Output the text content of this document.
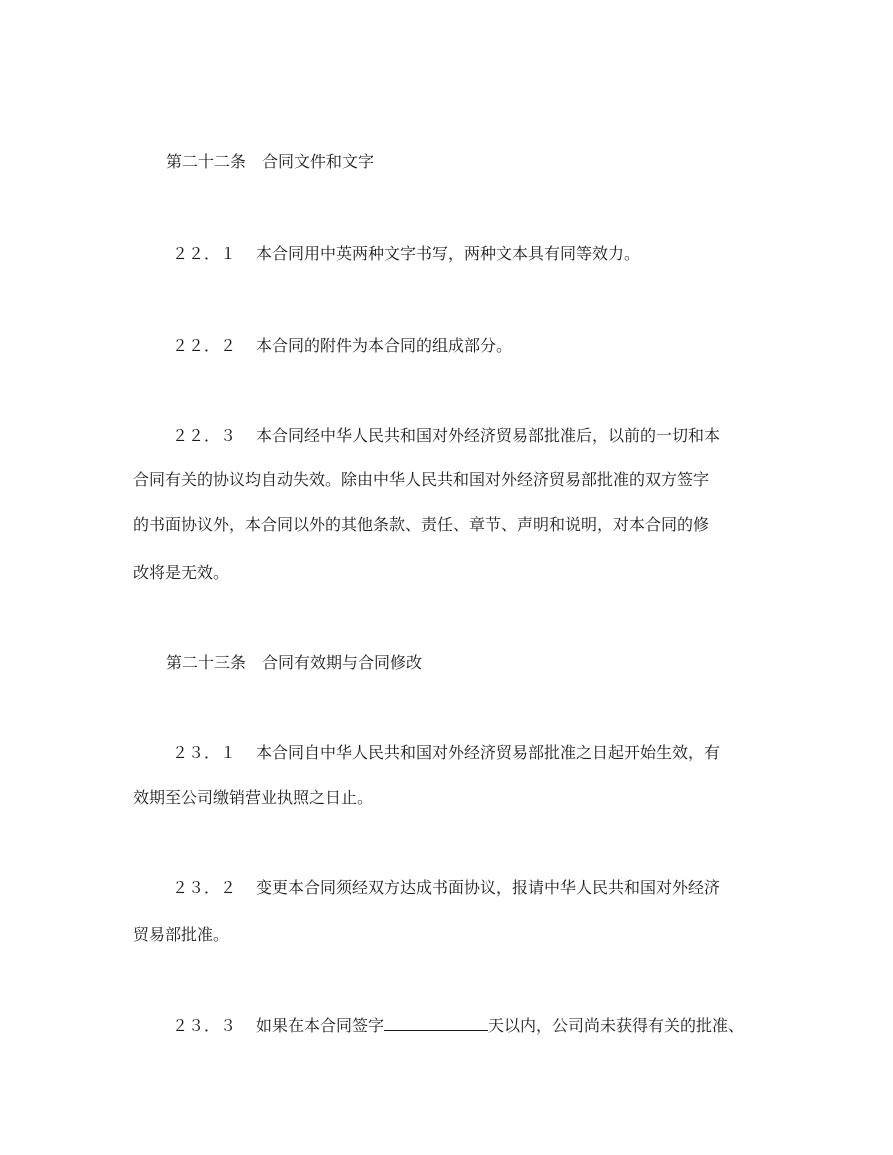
第二十二条　合同文件和文字
２２．１ 本合同用中英两种文字书写，两种文本具有同等效力。
２２．２ 本合同的附件为本合同的组成部分。
２２．３ 本合同经中华人民共和国对外经济贸易部批准后，以前的一切和本
合同有关的协议均自动失效。除由中华人民共和国对外经济贸易部批准的双方签字
的书面协议外，本合同以外的其他条款、责任、章节、声明和说明，对本合同的修
改将是无效。
第二十三条　合同有效期与合同修改
２３．１ 本合同自中华人民共和国对外经济贸易部批准之日起开始生效，有
效期至公司缴销营业执照之日止。
２３．２ 变更本合同须经双方达成书面协议，报请中华人民共和国对外经济
贸易部批准。
２３．３ 如果在本合同签字	天以内，公司尚未获得有关的批准、
